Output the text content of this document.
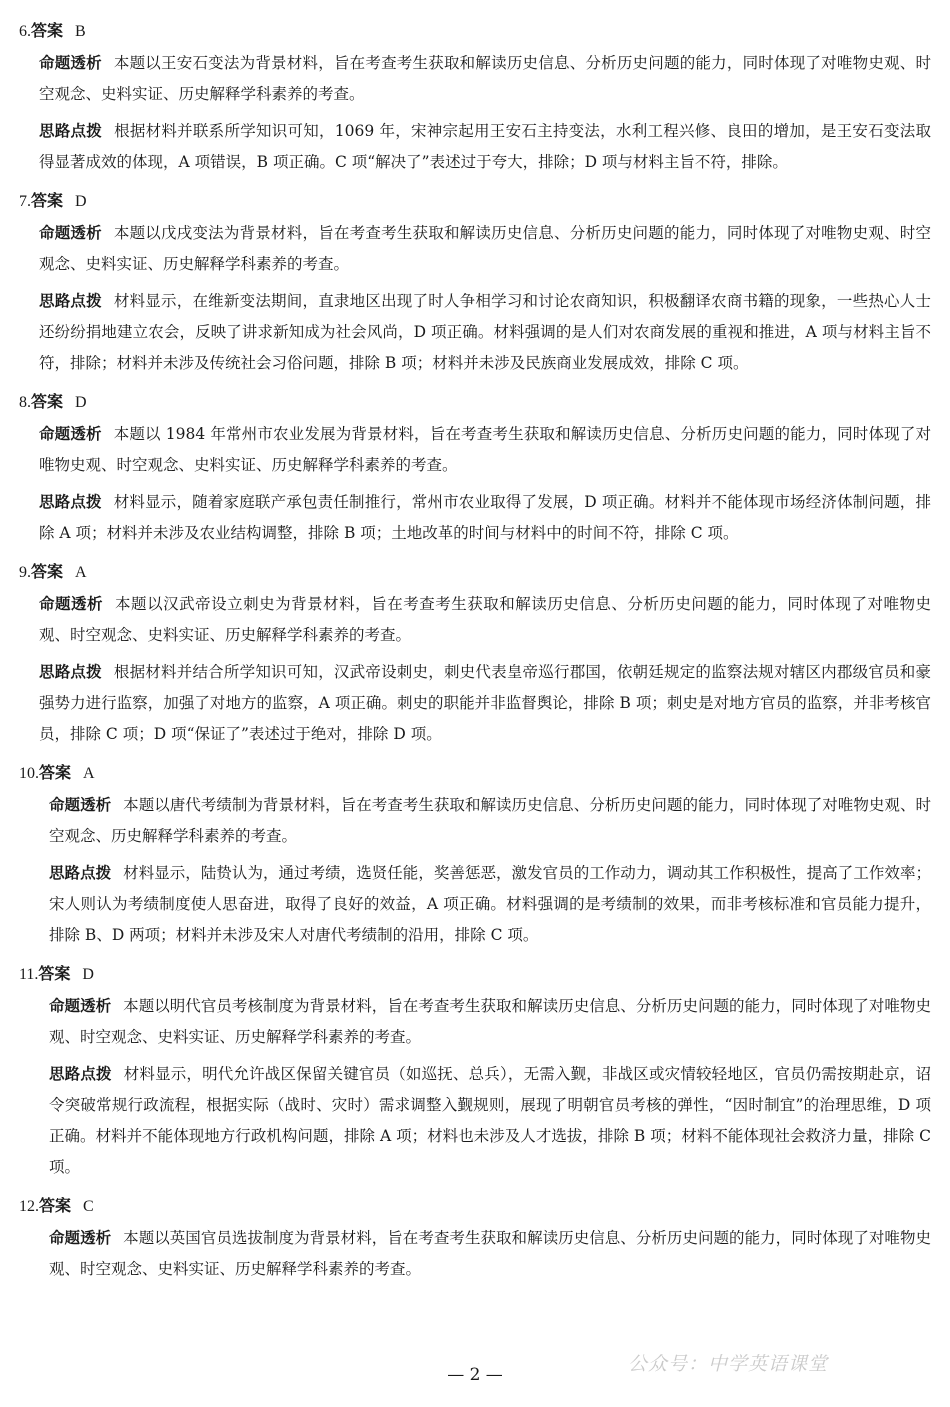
6.答案 B
命题透析 本题以王安石变法为背景材料，旨在考查考生获取和解读历史信息、分析历史问题的能力，同时体现了对唯物史观、时空观念、史料实证、历史解释学科素养的考查。
思路点拨 根据材料并联系所学知识可知，1069 年，宋神宗起用王安石主持变法，水利工程兴修、良田的增加，是王安石变法取得显著成效的体现，A 项错误，B 项正确。C 项“解决了”表述过于夸大，排除；D 项与材料主旨不符，排除。
7.答案 D
命题透析 本题以戊戌变法为背景材料，旨在考查考生获取和解读历史信息、分析历史问题的能力，同时体现了对唯物史观、时空观念、史料实证、历史解释学科素养的考查。
思路点拨 材料显示，在维新变法期间，直隶地区出现了时人争相学习和讨论农商知识，积极翻译农商书籍的现象，一些热心人士还纷纷捐地建立农会，反映了讲求新知成为社会风尚，D 项正确。材料强调的是人们对农商发展的重视和推进，A 项与材料主旨不符，排除；材料并未涉及传统社会习俗问题，排除 B 项；材料并未涉及民族商业发展成效，排除 C 项。
8.答案 D
命题透析 本题以 1984 年常州市农业发展为背景材料，旨在考查考生获取和解读历史信息、分析历史问题的能力，同时体现了对唯物史观、时空观念、史料实证、历史解释学科素养的考查。
思路点拨 材料显示，随着家庭联产承包责任制推行，常州市农业取得了发展，D 项正确。材料并不能体现市场经济体制问题，排除 A 项；材料并未涉及农业结构调整，排除 B 项；土地改革的时间与材料中的时间不符，排除 C 项。
9.答案 A
命题透析 本题以汉武帝设立刺史为背景材料，旨在考查考生获取和解读历史信息、分析历史问题的能力，同时体现了对唯物史观、时空观念、史料实证、历史解释学科素养的考查。
思路点拨 根据材料并结合所学知识可知，汉武帝设刺史，刺史代表皇帝巡行郡国，依朝廷规定的监察法规对辖区内郡级官员和豪强势力进行监察，加强了对地方的监察，A 项正确。刺史的职能并非监督舆论，排除 B 项；刺史是对地方官员的监察，并非考核官员，排除 C 项；D 项“保证了”表述过于绝对，排除 D 项。
10.答案 A
命题透析 本题以唐代考绩制为背景材料，旨在考查考生获取和解读历史信息、分析历史问题的能力，同时体现了对唯物史观、时空观念、历史解释学科素养的考查。
思路点拨 材料显示，陆贽认为，通过考绩，选贤任能，奖善惩恶，激发官员的工作动力，调动其工作积极性，提高了工作效率；宋人则认为考绩制度使人思奋进，取得了良好的效益，A 项正确。材料强调的是考绩制的效果，而非考核标准和官员能力提升，排除 B、D 两项；材料并未涉及宋人对唐代考绩制的沿用，排除 C 项。
11.答案 D
命题透析 本题以明代官员考核制度为背景材料，旨在考查考生获取和解读历史信息、分析历史问题的能力，同时体现了对唯物史观、时空观念、史料实证、历史解释学科素养的考查。
思路点拨 材料显示，明代允许战区保留关键官员（如巡抚、总兵），无需入觐，非战区或灾情较轻地区，官员仍需按期赴京，诏令突破常规行政流程，根据实际（战时、灾时）需求调整入觐规则，展现了明朝官员考核的弹性，“因时制宜”的治理思维，D 项正确。材料并不能体现地方行政机构问题，排除 A 项；材料也未涉及人才选拔，排除 B 项；材料不能体现社会救济力量，排除 C 项。
12.答案 C
命题透析 本题以英国官员选拔制度为背景材料，旨在考查考生获取和解读历史信息、分析历史问题的能力，同时体现了对唯物史观、时空观念、史料实证、历史解释学科素养的考查。
公众号：中学英语课堂
— 2 —
